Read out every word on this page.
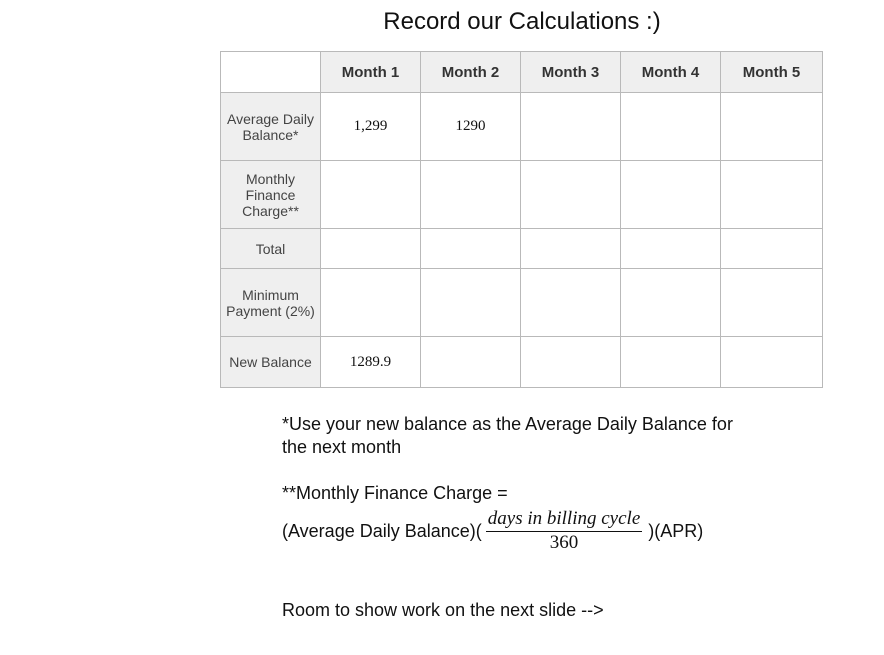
Record our Calculations :)
	Month 1	Month 2	Month 3	Month 4	Month 5
Average Daily Balance*	1,299	1290			
Monthly Finance Charge**					
Total					
Minimum Payment (2%)					
New Balance	1289.9				
*Use your new balance as the Average Daily Balance for the next month
**Monthly Finance Charge =
(Average Daily Balance)( $\frac{\text{days in billing cycle}}{360} )(APR)$
Room to show work on the next slide -->
